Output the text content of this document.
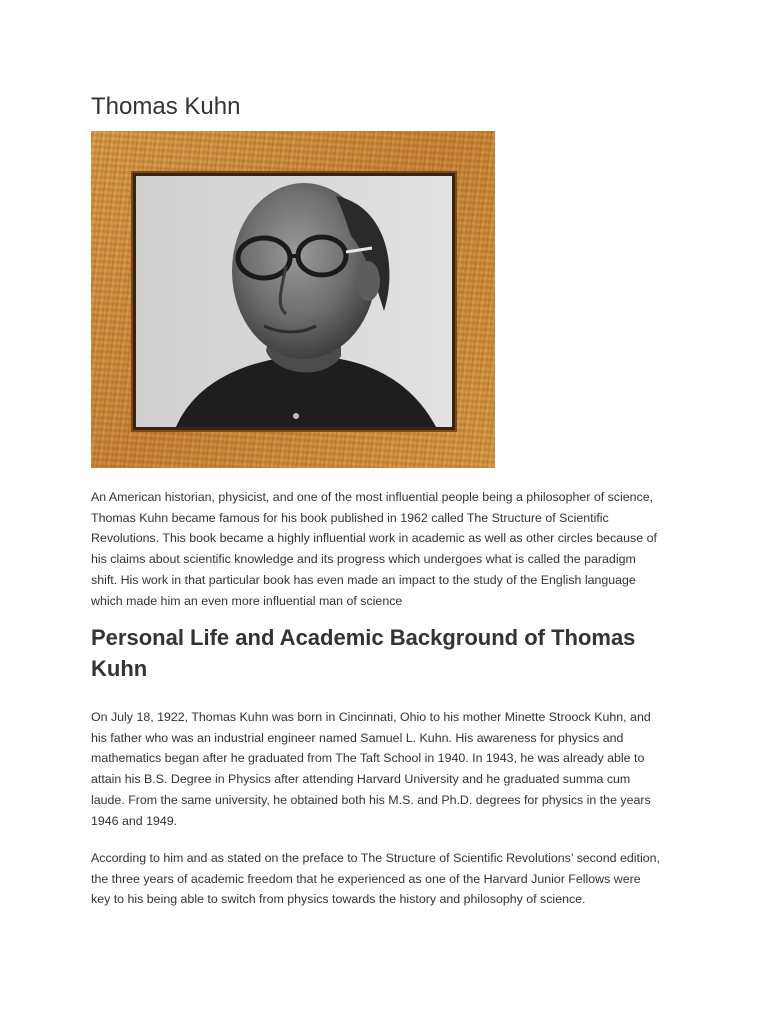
Thomas Kuhn

An American historian, physicist, and one of the most influential people being a philosopher of science, Thomas Kuhn became famous for his book published in 1962 called The Structure of Scientific Revolutions. This book became a highly influential work in academic as well as other circles because of his claims about scientific knowledge and its progress which undergoes what is called the paradigm shift. His work in that particular book has even made an impact to the study of the English language which made him an even more influential man of science

Personal Life and Academic Background of Thomas Kuhn

On July 18, 1922, Thomas Kuhn was born in Cincinnati, Ohio to his mother Minette Stroock Kuhn, and his father who was an industrial engineer named Samuel L. Kuhn. His awareness for physics and mathematics began after he graduated from The Taft School in 1940. In 1943, he was already able to attain his B.S. Degree in Physics after attending Harvard University and he graduated summa cum laude. From the same university, he obtained both his M.S. and Ph.D. degrees for physics in the years 1946 and 1949.

According to him and as stated on the preface to The Structure of Scientific Revolutions’ second edition, the three years of academic freedom that he experienced as one of the Harvard Junior Fellows were key to his being able to switch from physics towards the history and philosophy of science.
